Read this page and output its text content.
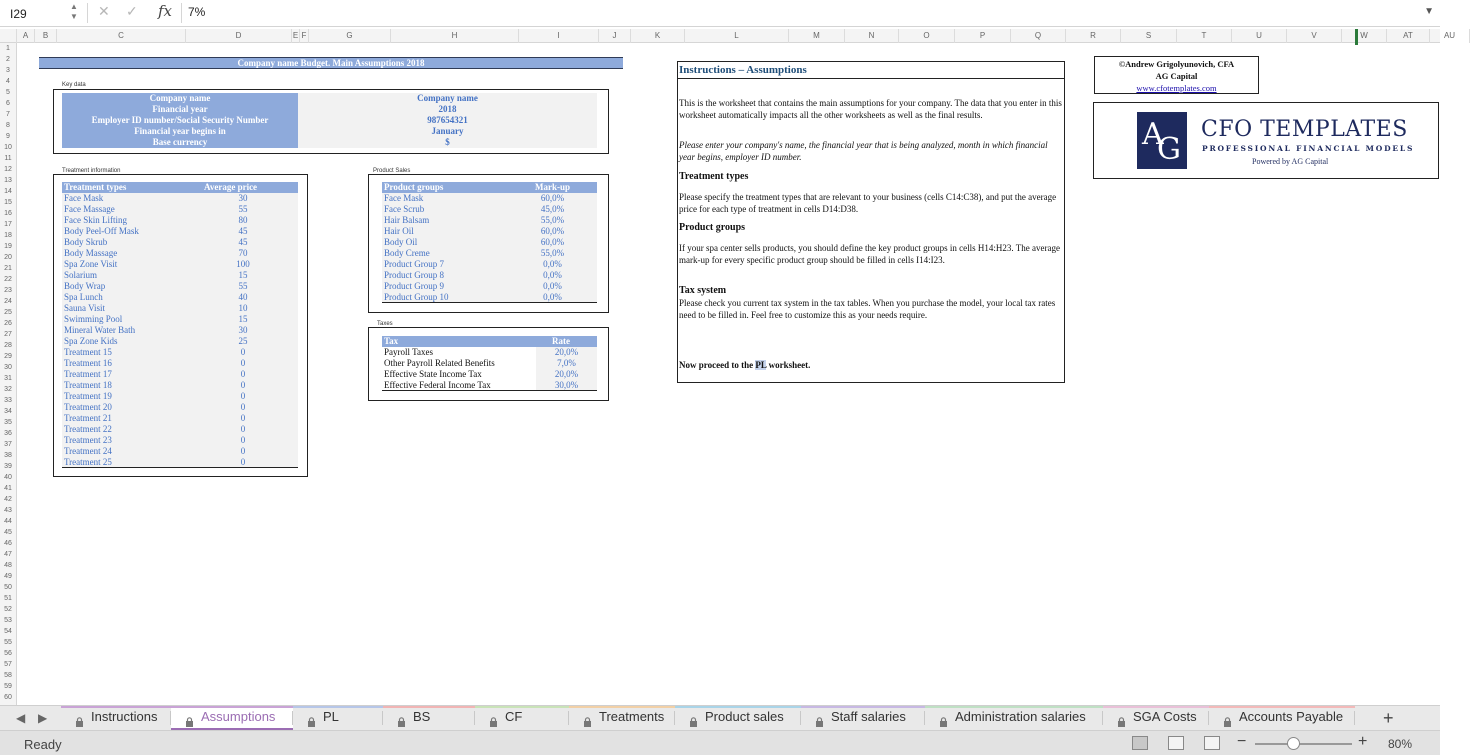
I29
▲
▼ ✕ ✓ fx 7%	▼
A	B	C	D	E F	G	H	I	J	K	L	M	N	O	P	Q	R	S	T	U	V	W	AT	AU
1
2
3
4
5
6
7
8
9
10
11
12
13
14
15
16
17
18
19
20
21
22
23
24
25
26
27
28
29
30
31
32
33
34
35
36
37
38
39
40
41
42
43
44
45
46
47
48
49
50
51
52
53
54
55
56
57
58
59
60
Company name Budget. Main Assumptions 2018
Key data
Company name	Company name
Financial year	2018
Employer ID number/Social Security Number	987654321
Financial year begins in	January
Base currency	$
Treatment information
Treatment types	Average price
Face Mask	30
Face Massage	55
Face Skin Lifting	80
Body Peel-Off Mask	45
Body Skrub	45
Body Massage	70
Spa Zone Visit	100
Solarium	15
Body Wrap	55
Spa Lunch	40
Sauna Visit	10
Swimming Pool	15
Mineral Water Bath	30
Spa Zone Kids	25
Treatment 15	0
Treatment 16	0
Treatment 17	0
Treatment 18	0
Treatment 19	0
Treatment 20	0
Treatment 21	0
Treatment 22	0
Treatment 23	0
Treatment 24	0
Treatment 25	0
Product Sales
Product groups	Mark-up
Face Mask	60,0%
Face Scrub	45,0%
Hair Balsam	55,0%
Hair Oil	60,0%
Body Oil	60,0%
Body Creme	55,0%
Product Group 7	0,0%
Product Group 8	0,0%
Product Group 9	0,0%
Product Group 10	0,0%
Taxes
Tax	Rate
Payroll Taxes	20,0%
Other Payroll Related Benefits	7,0%
Effective State Income Tax	20,0%
Effective Federal Income Tax	30,0%
Instructions – Assumptions

This is the worksheet that contains the main assumptions for your company. The data that you enter in this worksheet automatically impacts all the other worksheets as well as the final results.

Please enter your company's name, the financial year that is being analyzed, month in which financial year begins, employer ID number.

Treatment types

Please specify the treatment types that are relevant to your business (cells C14:C38), and put the average price for each type of treatment in cells D14:D38.

Product groups

If your spa center sells products, you should define the key product groups in cells H14:H23. The average mark-up for every specific product group should be filled in cells I14:I23.

Tax system

Please check you current tax system in the tax tables. When you purchase the model, your local tax rates need to be filled in. Feel free to customize this as your needs require.

Now proceed to the PL worksheet.

©Andrew Grigolyunovich, CFA
AG Capital
www.cfotemplates.com
A
G
CFO TEMPLATES
PROFESSIONAL FINANCIAL MODELS
Powered by AG Capital
◀ ▶	Instructions	Assumptions	PL	BS	CF	Treatments	Product sales	Staff salaries	Administration salaries	SGA Costs	Accounts Payable	+
Ready	−	+ 80%
